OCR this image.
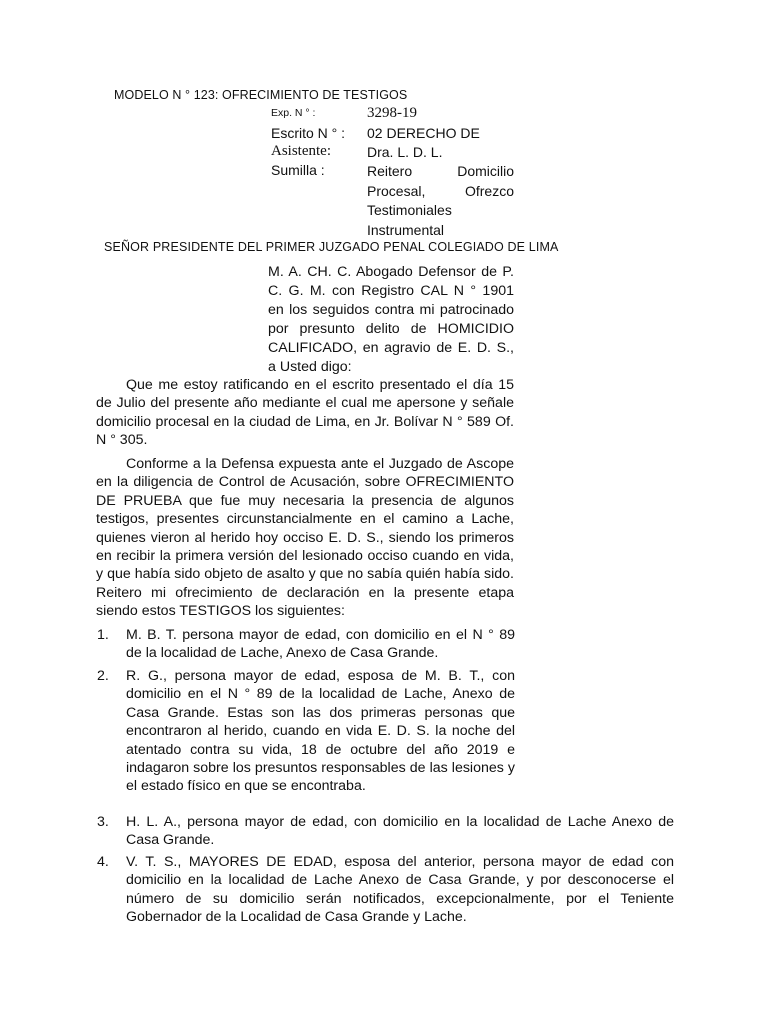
MODELO N ° 123: OFRECIMIENTO DE TESTIGOS
Exp. N ° :	3298-19
Escrito N ° : 02 DERECHO DE
Asistente:	Dra. L. D. L.
Sumilla :	Reitero Domicilio Procesal, Ofrezco Testimoniales Instrumental
SEÑOR PRESIDENTE DEL PRIMER JUZGADO PENAL COLEGIADO DE LIMA
M. A. CH. C. Abogado Defensor de P. C. G. M. con Registro CAL N ° 1901 en los seguidos contra mi patrocinado por presunto delito de HOMICIDIO CALIFICADO, en agravio de E. D. S., a Usted digo:
Que me estoy ratificando en el escrito presentado el día 15 de Julio del presente año mediante el cual me apersone y señale domicilio procesal en la ciudad de Lima, en Jr. Bolívar N ° 589 Of. N ° 305.
Conforme a la Defensa expuesta ante el Juzgado de Ascope en la diligencia de Control de Acusación, sobre OFRECIMIENTO DE PRUEBA que fue muy necesaria la presencia de algunos testigos, presentes circunstancialmente en el camino a Lache, quienes vieron al herido hoy occiso E. D. S., siendo los primeros en recibir la primera versión del lesionado occiso cuando en vida, y que había sido objeto de asalto y que no sabía quién había sido. Reitero mi ofrecimiento de declaración en la presente etapa siendo estos TESTIGOS los siguientes:
1. M. B. T. persona mayor de edad, con domicilio en el N ° 89 de la localidad de Lache, Anexo de Casa Grande.
2. R. G., persona mayor de edad, esposa de M. B. T., con domicilio en el N ° 89 de la localidad de Lache, Anexo de Casa Grande. Estas son las dos primeras personas que encontraron al herido, cuando en vida E. D. S. la noche del atentado contra su vida, 18 de octubre del año 2019 e indagaron sobre los presuntos responsables de las lesiones y el estado físico en que se encontraba.
3. H. L. A., persona mayor de edad, con domicilio en la localidad de Lache Anexo de Casa Grande.
4. V. T. S., MAYORES DE EDAD, esposa del anterior, persona mayor de edad con domicilio en la localidad de Lache Anexo de Casa Grande, y por desconocerse el número de su domicilio serán notificados, excepcionalmente, por el Teniente Gobernador de la Localidad de Casa Grande y Lache.
